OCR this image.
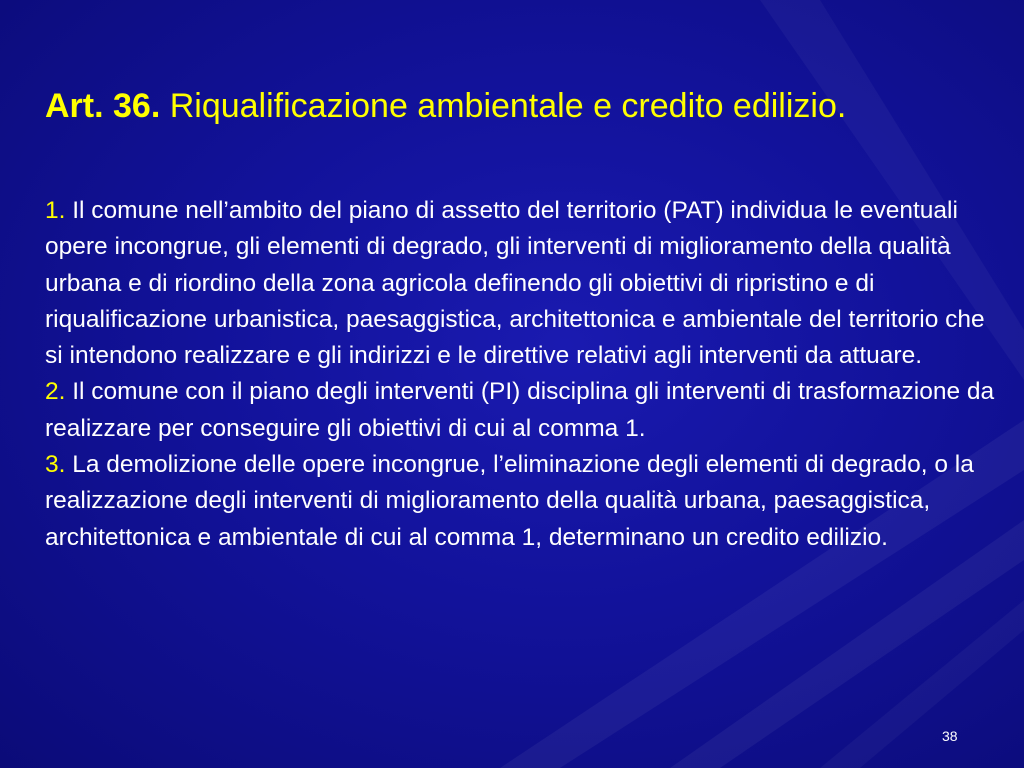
Art. 36. Riqualificazione ambientale e credito edilizio.

1. Il comune nell’ambito del piano di assetto del territorio (PAT) individua le eventuali opere incongrue, gli elementi di degrado, gli interventi di miglioramento della qualità urbana e di riordino della zona agricola definendo gli obiettivi di ripristino e di riqualificazione urbanistica, paesaggistica, architettonica e ambientale del territorio che si intendono realizzare e gli indirizzi e le direttive relativi agli interventi da attuare.

2. Il comune con il piano degli interventi (PI) disciplina gli interventi di trasformazione da realizzare per conseguire gli obiettivi di cui al comma 1.

3. La demolizione delle opere incongrue, l’eliminazione degli elementi di degrado, o la realizzazione degli interventi di miglioramento della qualità urbana, paesaggistica, architettonica e ambientale di cui al comma 1, determinano un credito edilizio.

38
